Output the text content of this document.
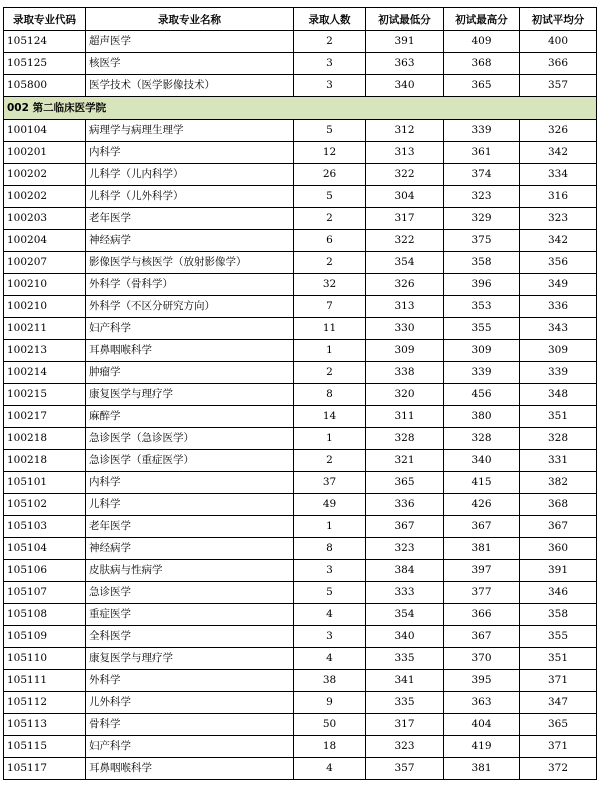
录取专业代码	录取专业名称	录取人数	初试最低分	初试最高分	初试平均分
105124	超声医学	2	391	409	400
105125	核医学	3	363	368	366
105800	医学技术（医学影像技术）	3	340	365	357
002 第二临床医学院					
100104	病理学与病理生理学	5	312	339	326
100201	内科学	12	313	361	342
100202	儿科学（儿内科学）	26	322	374	334
100202	儿科学（儿外科学）	5	304	323	316
100203	老年医学	2	317	329	323
100204	神经病学	6	322	375	342
100207	影像医学与核医学（放射影像学）	2	354	358	356
100210	外科学（骨科学）	32	326	396	349
100210	外科学（不区分研究方向）	7	313	353	336
100211	妇产科学	11	330	355	343
100213	耳鼻咽喉科学	1	309	309	309
100214	肿瘤学	2	338	339	339
100215	康复医学与理疗学	8	320	456	348
100217	麻醉学	14	311	380	351
100218	急诊医学（急诊医学）	1	328	328	328
100218	急诊医学（重症医学）	2	321	340	331
105101	内科学	37	365	415	382
105102	儿科学	49	336	426	368
105103	老年医学	1	367	367	367
105104	神经病学	8	323	381	360
105106	皮肤病与性病学	3	384	397	391
105107	急诊医学	5	333	377	346
105108	重症医学	4	354	366	358
105109	全科医学	3	340	367	355
105110	康复医学与理疗学	4	335	370	351
105111	外科学	38	341	395	371
105112	儿外科学	9	335	363	347
105113	骨科学	50	317	404	365
105115	妇产科学	18	323	419	371
105117	耳鼻咽喉科学	4	357	381	372
